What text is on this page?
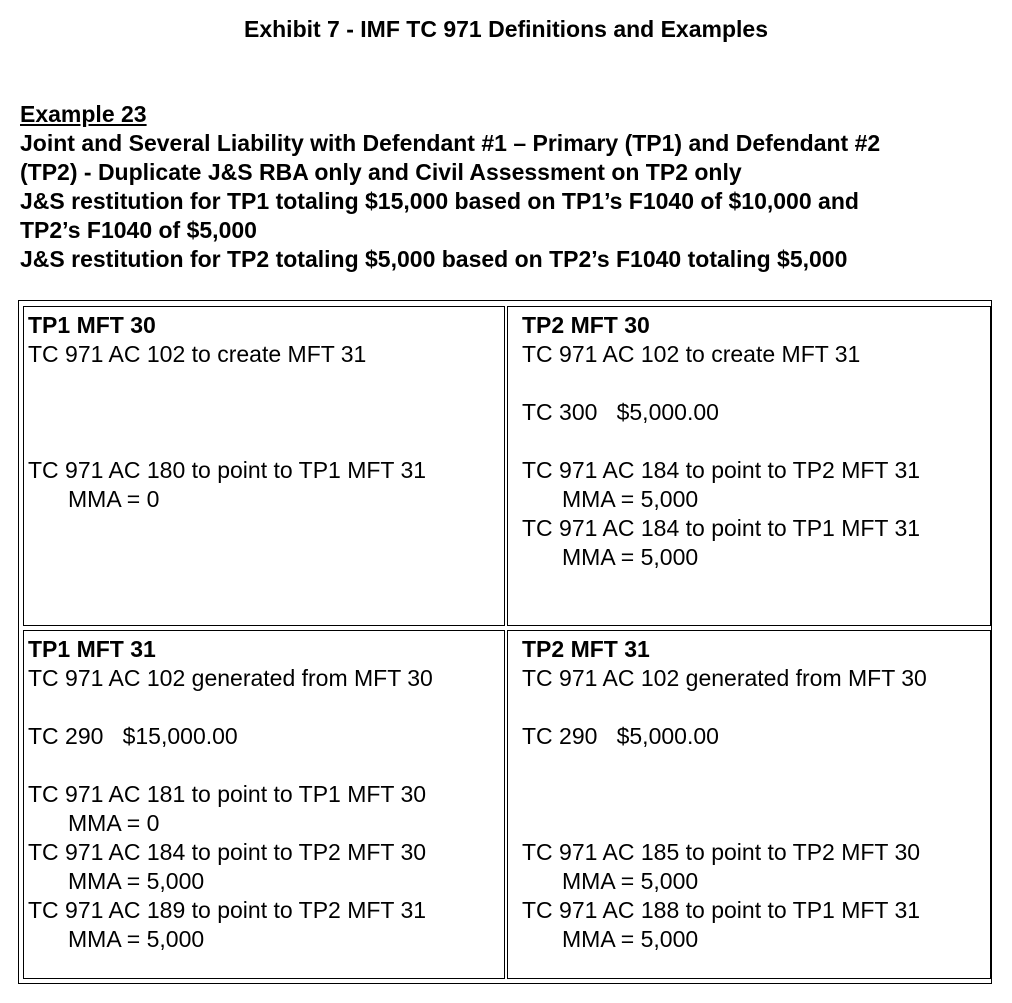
Exhibit 7 - IMF TC 971 Definitions and Examples
Example 23
Joint and Several Liability with Defendant #1 – Primary (TP1) and Defendant #2
(TP2) - Duplicate J&S RBA only and Civil Assessment on TP2 only
J&S restitution for TP1 totaling $15,000 based on TP1’s F1040 of $10,000 and
TP2’s F1040 of $5,000
J&S restitution for TP2 totaling $5,000 based on TP2’s F1040 totaling $5,000
TP1 MFT 30
TC 971 AC 102 to create MFT 31
TC 971 AC 180 to point to TP1 MFT 31
MMA = 0
TP2 MFT 30
TC 971 AC 102 to create MFT 31
TC 300   $5,000.00
TC 971 AC 184 to point to TP2 MFT 31
MMA = 5,000
TC 971 AC 184 to point to TP1 MFT 31
MMA = 5,000
TP1 MFT 31
TC 971 AC 102 generated from MFT 30
TC 290   $15,000.00
TC 971 AC 181 to point to TP1 MFT 30
MMA = 0
TC 971 AC 184 to point to TP2 MFT 30
MMA = 5,000
TC 971 AC 189 to point to TP2 MFT 31
MMA = 5,000
TP2 MFT 31
TC 971 AC 102 generated from MFT 30
TC 290   $5,000.00
TC 971 AC 185 to point to TP2 MFT 30
MMA = 5,000
TC 971 AC 188 to point to TP1 MFT 31
MMA = 5,000
